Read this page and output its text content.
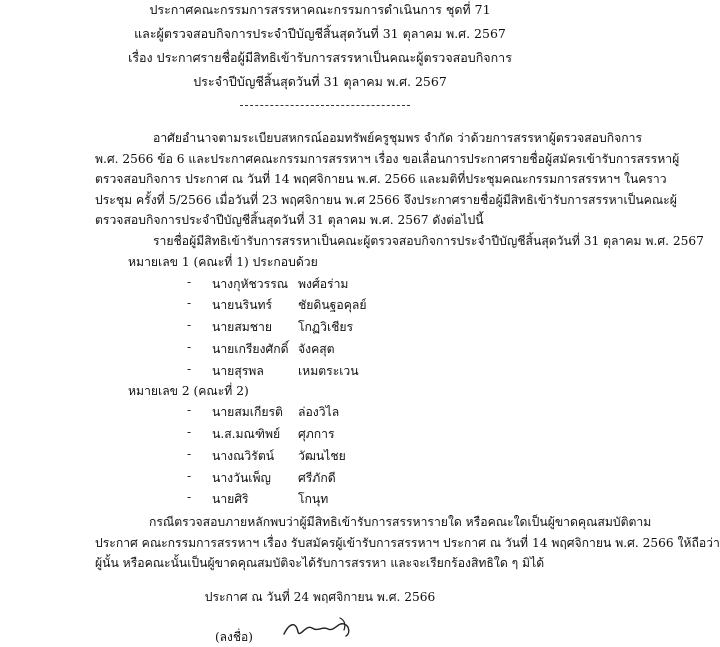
ประกาศคณะกรรมการสรรหาคณะกรรมการดำเนินการ ชุดที่ 71
และผู้ตรวจสอบกิจการประจำปีบัญชีสิ้นสุดวันที่ 31 ตุลาคม พ.ศ. 2567
เรื่อง ประกาศรายชื่อผู้มีสิทธิเข้ารับการสรรหาเป็นคณะผู้ตรวจสอบกิจการ
ประจำปีบัญชีสิ้นสุดวันที่ 31 ตุลาคม พ.ศ. 2567
อาศัยอำนาจตามระเบียบสหกรณ์ออมทรัพย์ครูชุมพร จำกัด ว่าด้วยการสรรหาผู้ตรวจสอบกิจการ
พ.ศ. 2566 ข้อ 6 และประกาศคณะกรรมการสรรหาฯ เรื่อง ขอเลื่อนการประกาศรายชื่อผู้สมัครเข้ารับการสรรหาผู้
ตรวจสอบกิจการ ประกาศ ณ วันที่ 14 พฤศจิกายน พ.ศ. 2566 และมติที่ประชุมคณะกรรมการสรรหาฯ ในคราว
ประชุม ครั้งที่ 5/2566 เมื่อวันที่ 23 พฤศจิกายน พ.ศ 2566 จึงประกาศรายชื่อผู้มีสิทธิเข้ารับการสรรหาเป็นคณะผู้
ตรวจสอบกิจการประจำปีบัญชีสิ้นสุดวันที่ 31 ตุลาคม พ.ศ. 2567 ดังต่อไปนี้
รายชื่อผู้มีสิทธิเข้ารับการสรรหาเป็นคณะผู้ตรวจสอบกิจการประจำปีบัญชีสิ้นสุดวันที่ 31 ตุลาคม พ.ศ. 2567
หมายเลข 1 (คณะที่ 1) ประกอบด้วย
- นางกุหัชวรรณ พงศ์อร่าม
- นายนรินทร์ ชัยดินฐอคุลย์
- นายสมชาย โกฏวิเชียร
- นายเกรียงศักดิ์ จังคสุต
- นายสุรพล	เหมตระเวน
หมายเลข 2 (คณะที่ 2)
- นายสมเกียรติ ล่องวิไล
- น.ส.มณฑิพย์ ศุภการ
- นางณวิรัตน์ วัฒนไชย
- นางวันเพ็ญ ศรีภักดี
- นายศิริ	โกนุท
กรณีตรวจสอบภายหลักพบว่าผู้มีสิทธิเข้ารับการสรรหารายใด หรือคณะใดเป็นผู้ขาดคุณสมบัติตาม
ประกาศ คณะกรรมการสรรหาฯ เรื่อง รับสมัครผู้เข้ารับการสรรหาฯ ประกาศ ณ วันที่ 14 พฤศจิกายน พ.ศ. 2566 ให้ถือว่า
ผู้นั้น หรือคณะนั้นเป็นผู้ขาดคุณสมบัติจะได้รับการสรรหา และจะเรียกร้องสิทธิใด ๆ มิได้
ประกาศ ณ วันที่ 24 พฤศจิกายน พ.ศ. 2566
(ลงชื่อ)
